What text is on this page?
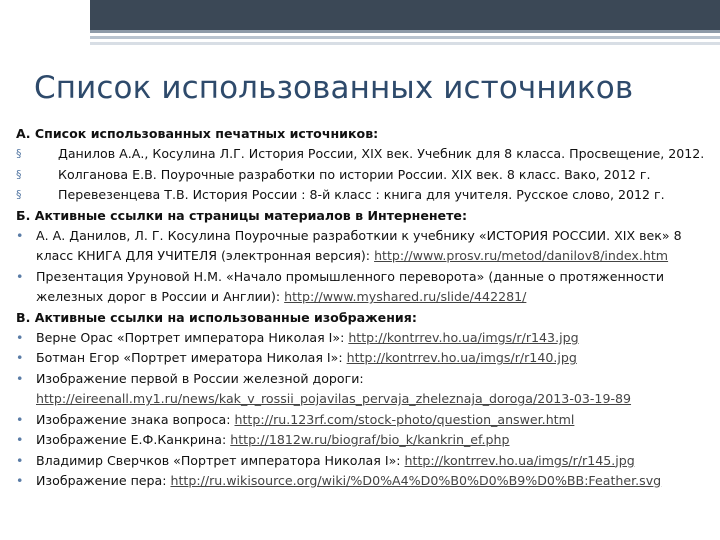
Список использованных источников
А. Список использованных печатных источников:
§	Данилов А.А., Косулина Л.Г. История России, XIX век. Учебник для 8 класса. Просвещение, 2012.
§	Колганова Е.В. Поурочные разработки по истории России. XIX век. 8 класс. Вако, 2012 г.
§	Перевезенцева Т.В. История России : 8-й класс : книга для учителя. Русское слово, 2012 г.
Б. Активные ссылки на страницы материалов в Интерненете:
• А. А. Данилов, Л. Г. Косулина Поурочные разработкии к учебнику «ИСТОРИЯ РОССИИ. XIX век» 8 класс КНИГА ДЛЯ УЧИТЕЛЯ (электронная версия): http://www.prosv.ru/metod/danilov8/index.htm
• Презентация Уруновой Н.М. «Начало промышленного переворота» (данные о протяженности железных дорог в России и Англии): http://www.myshared.ru/slide/442281/
В. Активные ссылки на использованные изображения:
• Верне Орас «Портрет императора Николая I»: http://kontrrev.ho.ua/imgs/r/r143.jpg
• Ботман Егор «Портрет имератора Николая I»: http://kontrrev.ho.ua/imgs/r/r140.jpg
• Изображение первой в России железной дороги:
http://eireenall.my1.ru/news/kak_v_rossii_pojavilas_pervaja_zheleznaja_doroga/2013-03-19-89
• Изображение знака вопроса: http://ru.123rf.com/stock-photo/question_answer.html
• Изображение Е.Ф.Канкрина: http://1812w.ru/biograf/bio_k/kankrin_ef.php
• Владимир Сверчков «Портрет императора Николая I»: http://kontrrev.ho.ua/imgs/r/r145.jpg
• Изображение пера: http://ru.wikisource.org/wiki/%D0%A4%D0%B0%D0%B9%D0%BB:Feather.svg
